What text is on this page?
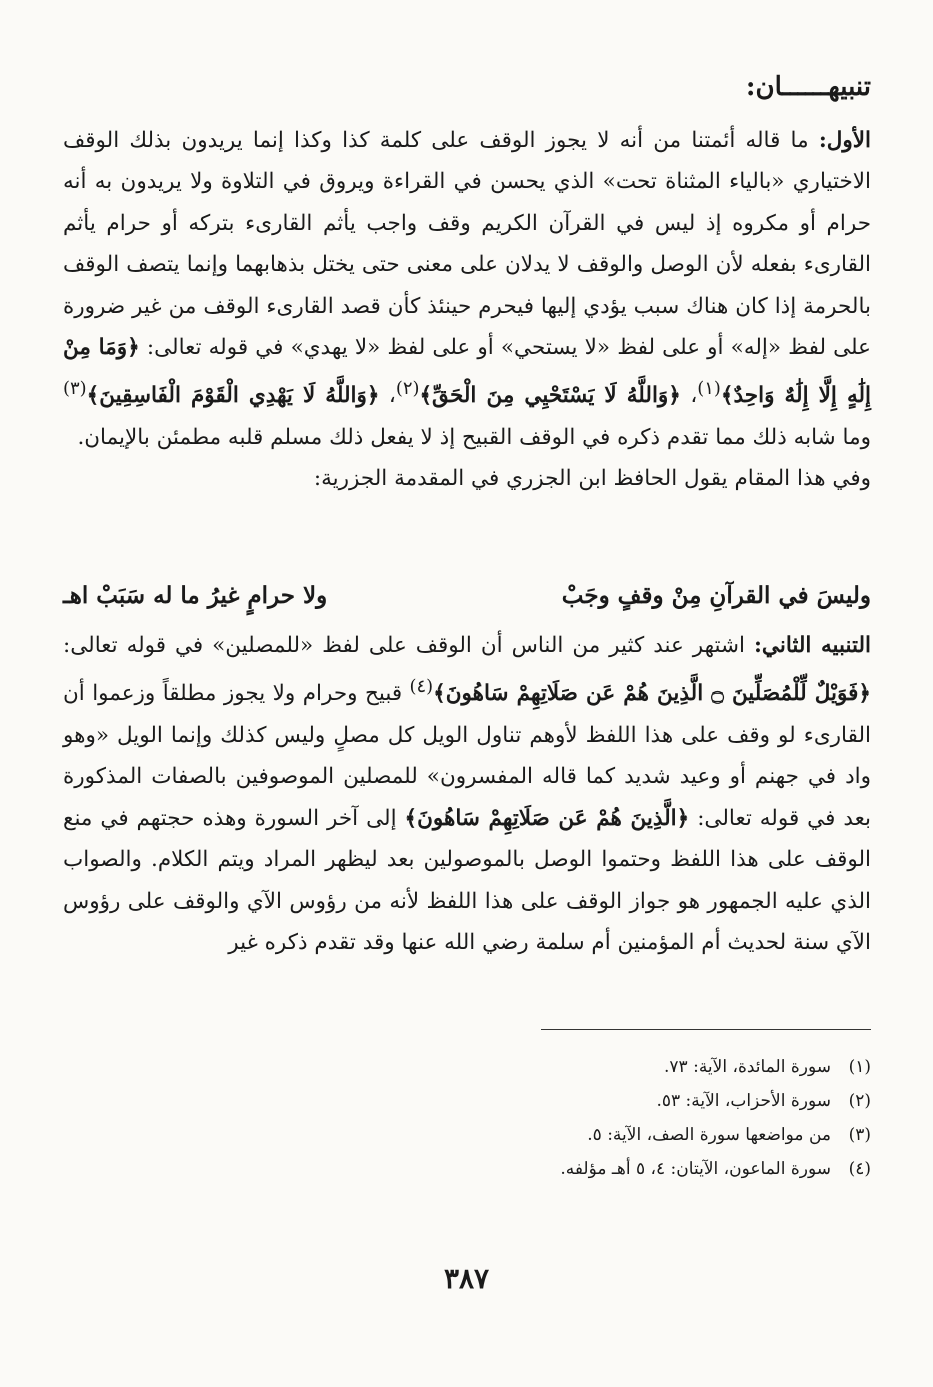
تنبيهــــــان:

الأول: ما قاله أئمتنا من أنه لا يجوز الوقف على كلمة كذا وكذا إنما يريدون بذلك الوقف الاختياري «بالياء المثناة تحت» الذي يحسن في القراءة ويروق في التلاوة ولا يريدون به أنه حرام أو مكروه إذ ليس في القرآن الكريم وقف واجب يأثم القارىء بتركه أو حرام يأثم القارىء بفعله لأن الوصل والوقف لا يدلان على معنى حتى يختل بذهابهما وإنما يتصف الوقف بالحرمة إذا كان هناك سبب يؤدي إليها فيحرم حينئذ كأن قصد القارىء الوقف من غير ضرورة على لفظ «إله» أو على لفظ «لا يستحي» أو على لفظ «لا يهدي» في قوله تعالى: ﴿وَمَا مِنْ إِلَٰهٍ إِلَّا إِلَٰهٌ وَاحِدٌ﴾$^{(١)}$، ﴿وَاللَّهُ لَا يَسْتَحْيِي مِنَ الْحَقِّ﴾$^{(٢)}$، ﴿وَاللَّهُ لَا يَهْدِي الْقَوْمَ الْفَاسِقِينَ﴾$^{(٣)}$ وما شابه ذلك مما تقدم ذكره في الوقف القبيح إذ لا يفعل ذلك مسلم قلبه مطمئن بالإيمان.

وفي هذا المقام يقول الحافظ ابن الجزري في المقدمة الجزرية:

وليسَ في القرآنِ مِنْ وقفٍ وجَبْ
ولا حرامٍ غيرُ ما له سَبَبْ اهـ

التنبيه الثاني: اشتهر عند كثير من الناس أن الوقف على لفظ «للمصلين» في قوله تعالى: ﴿فَوَيْلٌ لِّلْمُصَلِّينَ ۝ الَّذِينَ هُمْ عَن صَلَاتِهِمْ سَاهُونَ﴾$^{(٤)}$ قبيح وحرام ولا يجوز مطلقاً وزعموا أن القارىء لو وقف على هذا اللفظ لأوهم تناول الويل كل مصلٍ وليس كذلك وإنما الويل «وهو واد في جهنم أو وعيد شديد كما قاله المفسرون» للمصلين الموصوفين بالصفات المذكورة بعد في قوله تعالى: ﴿الَّذِينَ هُمْ عَن صَلَاتِهِمْ سَاهُونَ﴾ إلى آخر السورة وهذه حجتهم في منع الوقف على هذا اللفظ وحتموا الوصل بالموصولين بعد ليظهر المراد ويتم الكلام. والصواب الذي عليه الجمهور هو جواز الوقف على هذا اللفظ لأنه من رؤوس الآي والوقف على رؤوس الآي سنة لحديث أم المؤمنين أم سلمة رضي الله عنها وقد تقدم ذكره غير

(١)
سورة المائدة، الآية: ٧٣.
(٢)
سورة الأحزاب، الآية: ٥٣.
(٣)
من مواضعها سورة الصف، الآية: ٥.
(٤)
سورة الماعون، الآيتان: ٤، ٥ أهـ مؤلفه.
٣٨٧
